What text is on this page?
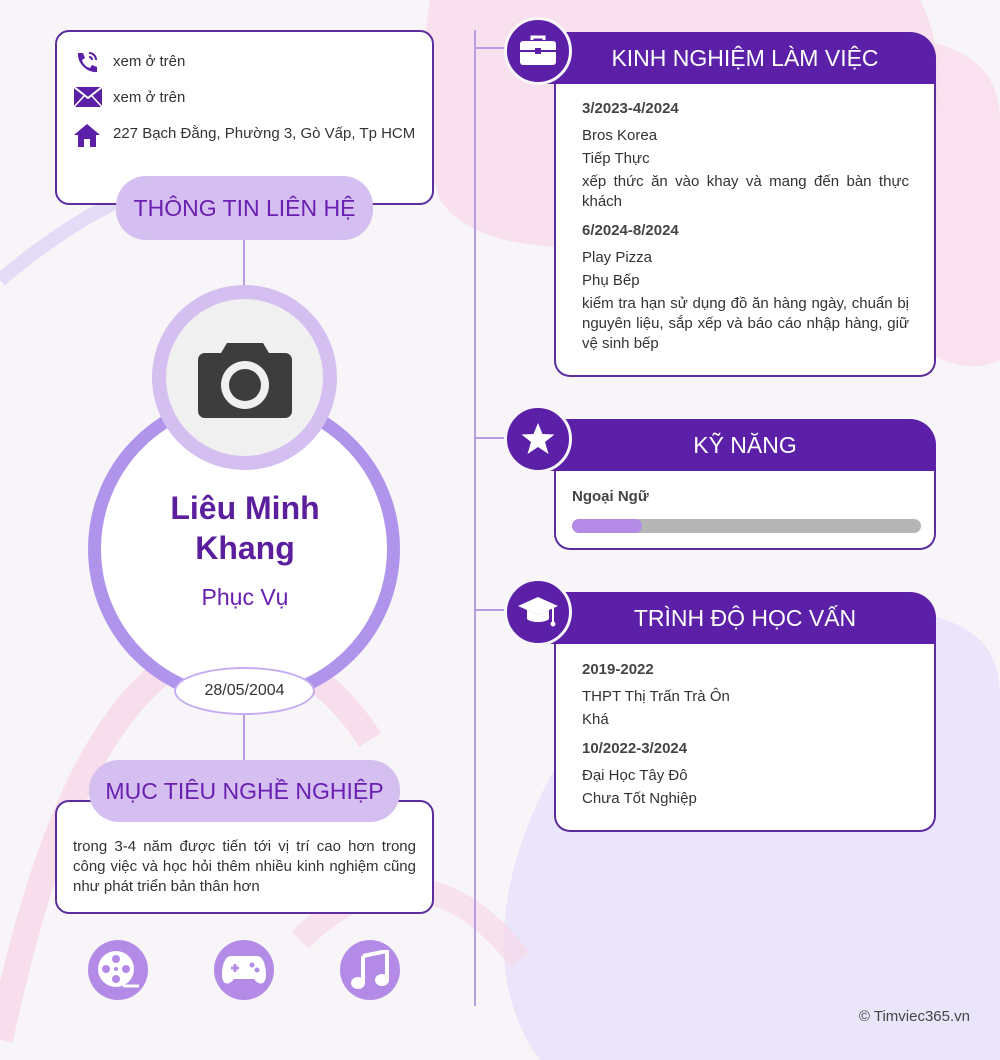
xem ở trên
xem ở trên
227 Bạch Đằng, Phường 3, Gò Vấp, Tp HCM
THÔNG TIN LIÊN HỆ
Liêu Minh Khang
Phục Vụ
28/05/2004
trong 3-4 năm được tiến tới vị trí cao hơn trong công việc và học hỏi thêm nhiều kinh nghiệm cũng như phát triển bản thân hơn
MỤC TIÊU NGHỀ NGHIỆP
3/2023-4/2024
Bros Korea
Tiếp Thực
xếp thức ăn vào khay và mang đến bàn thực khách
6/2024-8/2024
Play Pizza
Phụ Bếp
kiểm tra hạn sử dụng đồ ăn hàng ngày, chuẩn bị nguyên liệu, sắp xếp và báo cáo nhập hàng, giữ vệ sinh bếp
KINH NGHIỆM LÀM VIỆC
Ngoại Ngữ
KỸ NĂNG
2019-2022
THPT Thị Trấn Trà Ôn
Khá
10/2022-3/2024
Đại Học Tây Đô
Chưa Tốt Nghiệp
TRÌNH ĐỘ HỌC VẤN
© Timviec365.vn
